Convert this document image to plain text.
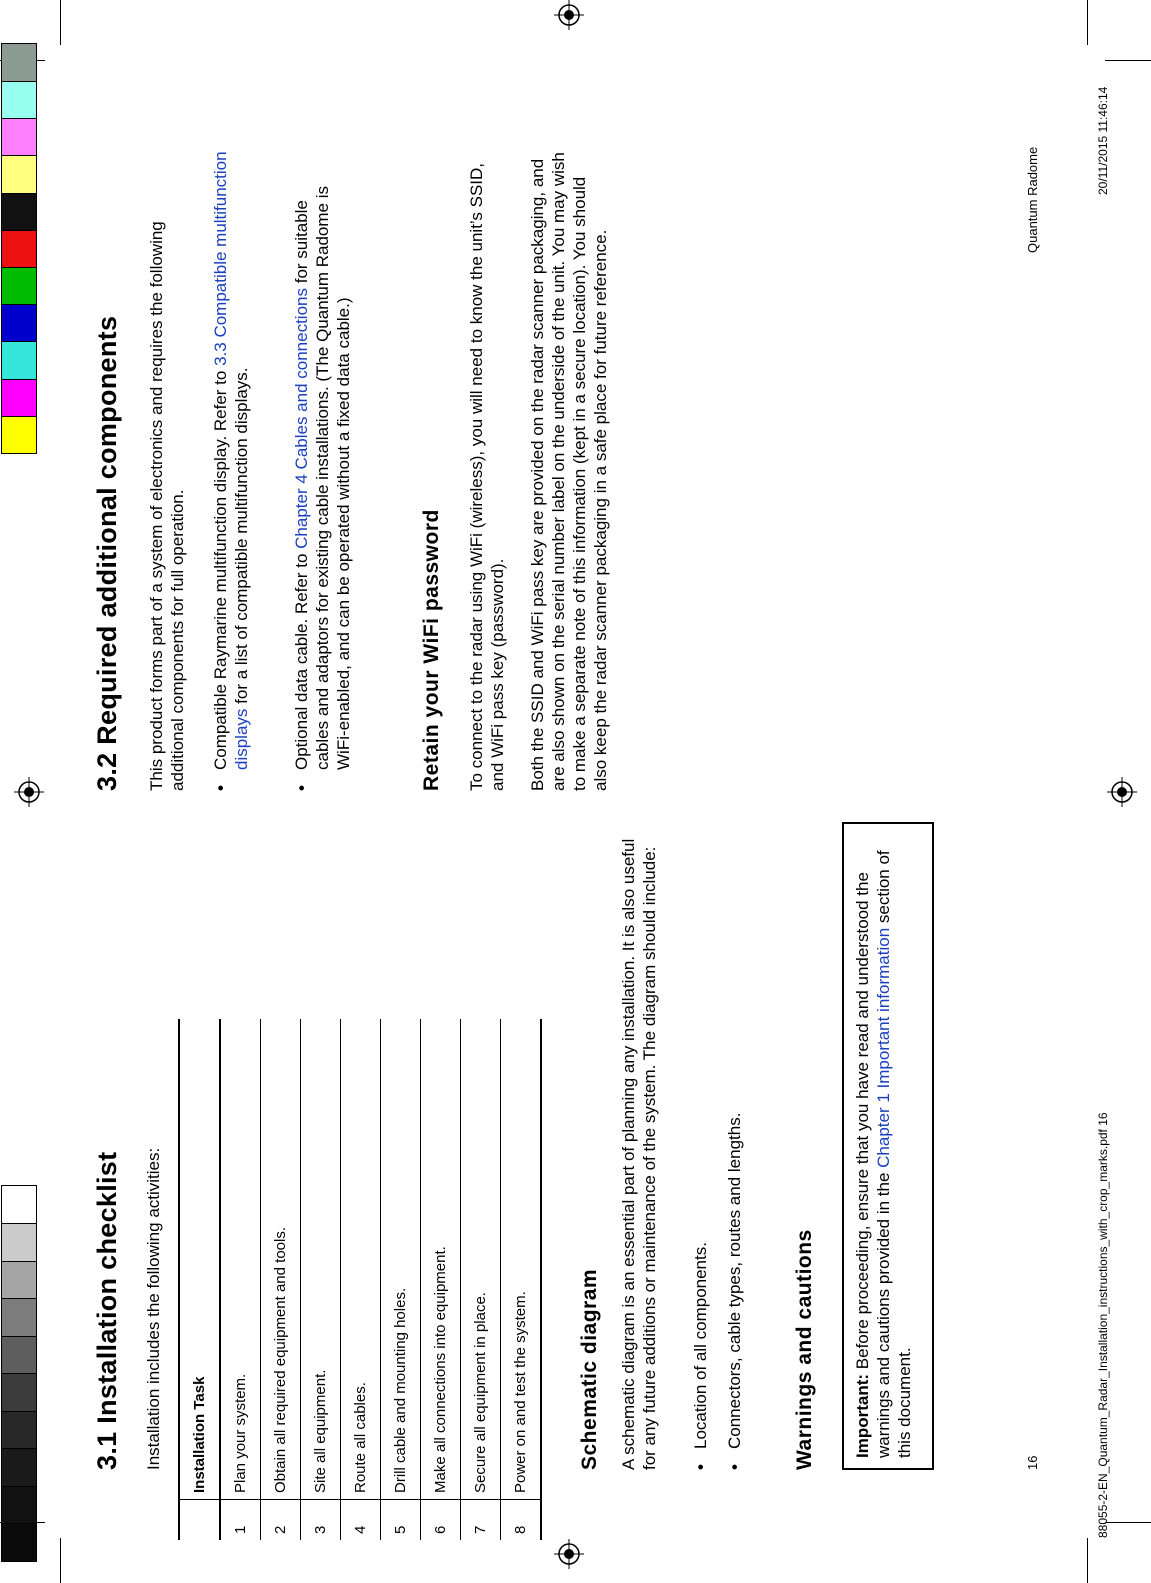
3.1 Installation checklist Installation includes the following activities:

	Installation Task
1	Plan your system.
2	Obtain all required equipment and tools.
3	Site all equipment.
4	Route all cables.
5	Drill cable and mounting holes.
6	Make all connections into equipment.
7	Secure all equipment in place.
8	Power on and test the system. Schematic diagram A schematic diagram is an essential part of planning any installation. It is also useful for any future additions or maintenance of the system. The diagram should include: •
Location of all components.
•
Connectors, cable types, routes and lengths. Warnings and cautions	Important: Before proceeding, ensure that you have read and understood the warnings and cautions provided in the Chapter 1 Important information section of this document.
3.2 Required additional components This product forms part of a system of electronics and requires the following additional components for full operation. •
Compatible Raymarine multifunction display. Refer to 3.3 Compatible multifunction displays for a list of compatible multifunction displays.
•
Optional data cable. Refer to Chapter 4 Cables and connections for suitable cables and adaptors for existing cable installations. (The Quantum Radome is WiFi-enabled, and can be operated without a fixed data cable.)	Retain your WiFi password To connect to the radar using WiFi (wireless), you will need to know the unit’s SSID, and WiFi pass key (password). Both the SSID and WiFi pass key are provided on the radar scanner packaging, and are also shown on the serial number label on the underside of the unit. You may wish to make a separate note of this information (kept in a secure location). You should also keep the radar scanner packaging in a safe place for future reference.

16
Quantum Radome
88055-2-EN_Quantum_Radar_Installation_instructions_with_crop_marks.pdf 16
20/11/2015 11:46:14
